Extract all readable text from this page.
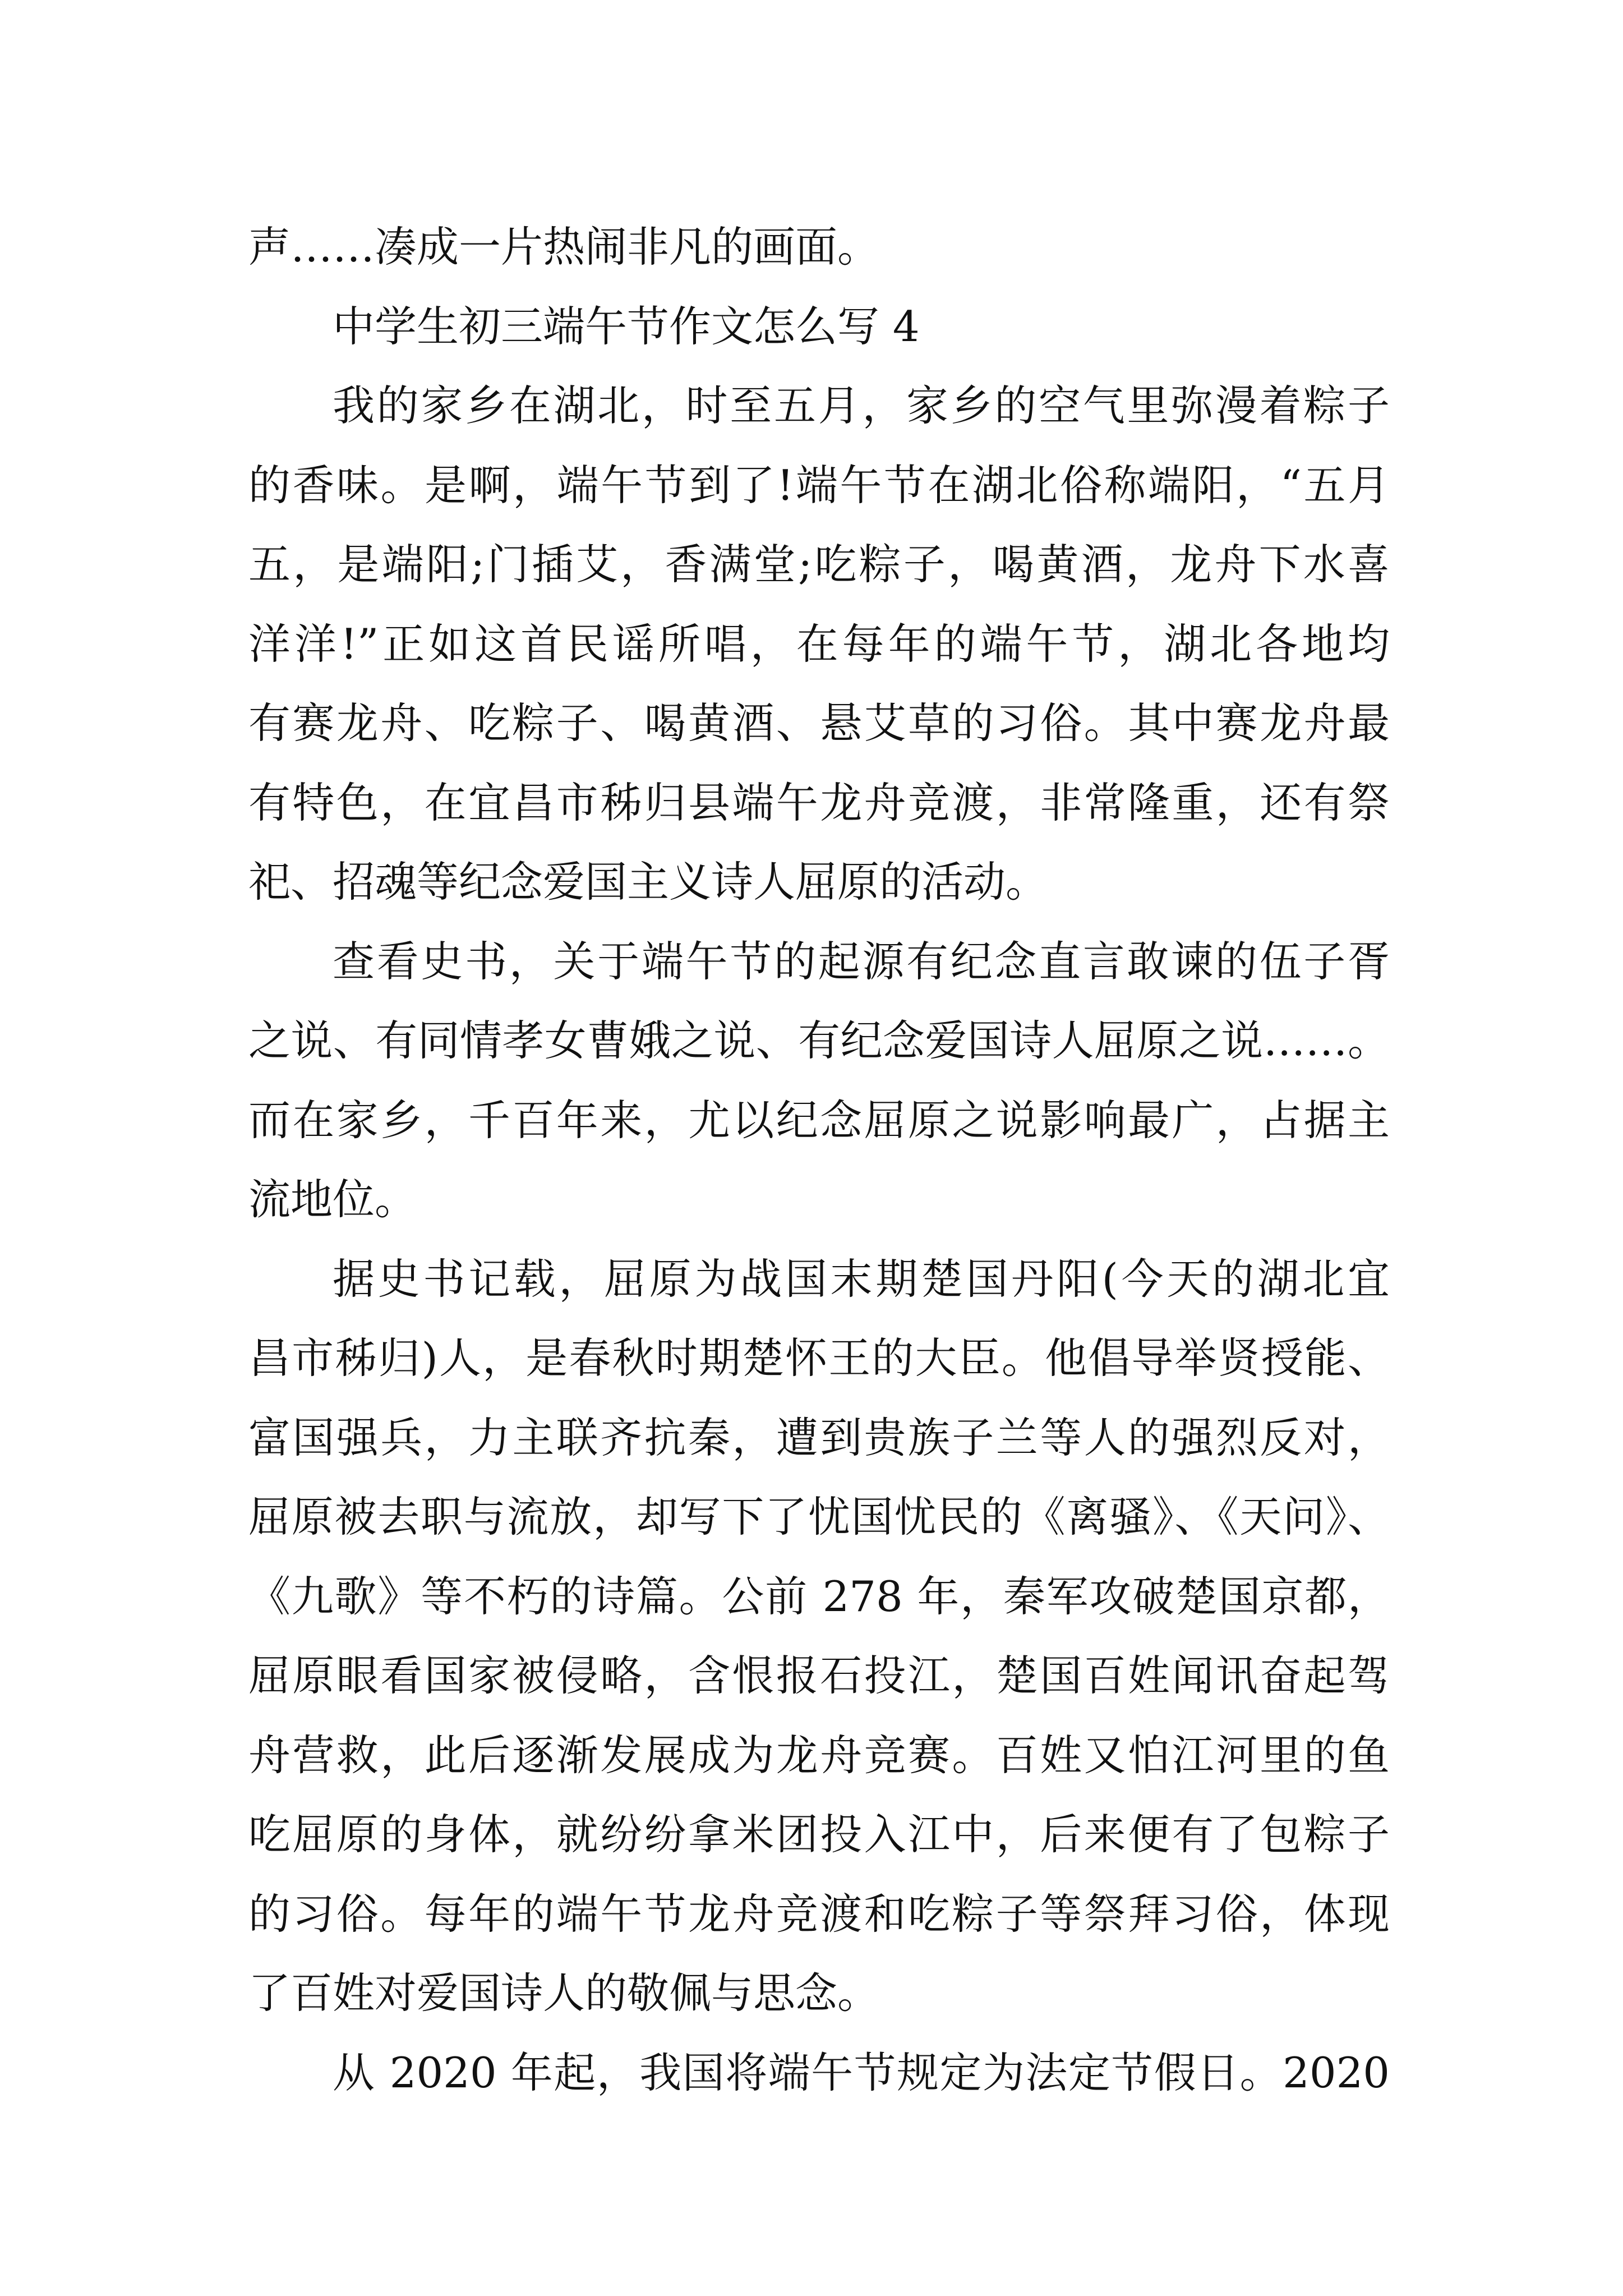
声……凑成一片热闹非凡的画面。
中学生初三端午节作文怎么写 4
我的家乡在湖北，时至五月，家乡的空气里弥漫着粽子
的香味。是啊，端午节到了!端午节在湖北俗称端阳，“五月
五，是端阳;门插艾，香满堂;吃粽子，喝黄酒，龙舟下水喜
洋洋!”正如这首民谣所唱，在每年的端午节，湖北各地均
有赛龙舟、吃粽子、喝黄酒、悬艾草的习俗。其中赛龙舟最
有特色，在宜昌市秭归县端午龙舟竞渡，非常隆重，还有祭
祀、招魂等纪念爱国主义诗人屈原的活动。
查看史书，关于端午节的起源有纪念直言敢谏的伍子胥
之说、有同情孝女曹娥之说、有纪念爱国诗人屈原之说……。
而在家乡，千百年来，尤以纪念屈原之说影响最广，占据主
流地位。
据史书记载，屈原为战国末期楚国丹阳(今天的湖北宜
昌市秭归)人，是春秋时期楚怀王的大臣。他倡导举贤授能、
富国强兵，力主联齐抗秦，遭到贵族子兰等人的强烈反对，
屈原被去职与流放，却写下了忧国忧民的《离骚》、《天问》、
《九歌》等不朽的诗篇。公前 278 年，秦军攻破楚国京都，
屈原眼看国家被侵略，含恨报石投江，楚国百姓闻讯奋起驾
舟营救，此后逐渐发展成为龙舟竞赛。百姓又怕江河里的鱼
吃屈原的身体，就纷纷拿米团投入江中，后来便有了包粽子
的习俗。每年的端午节龙舟竞渡和吃粽子等祭拜习俗，体现
了百姓对爱国诗人的敬佩与思念。
从 2020 年起，我国将端午节规定为法定节假日。2020
